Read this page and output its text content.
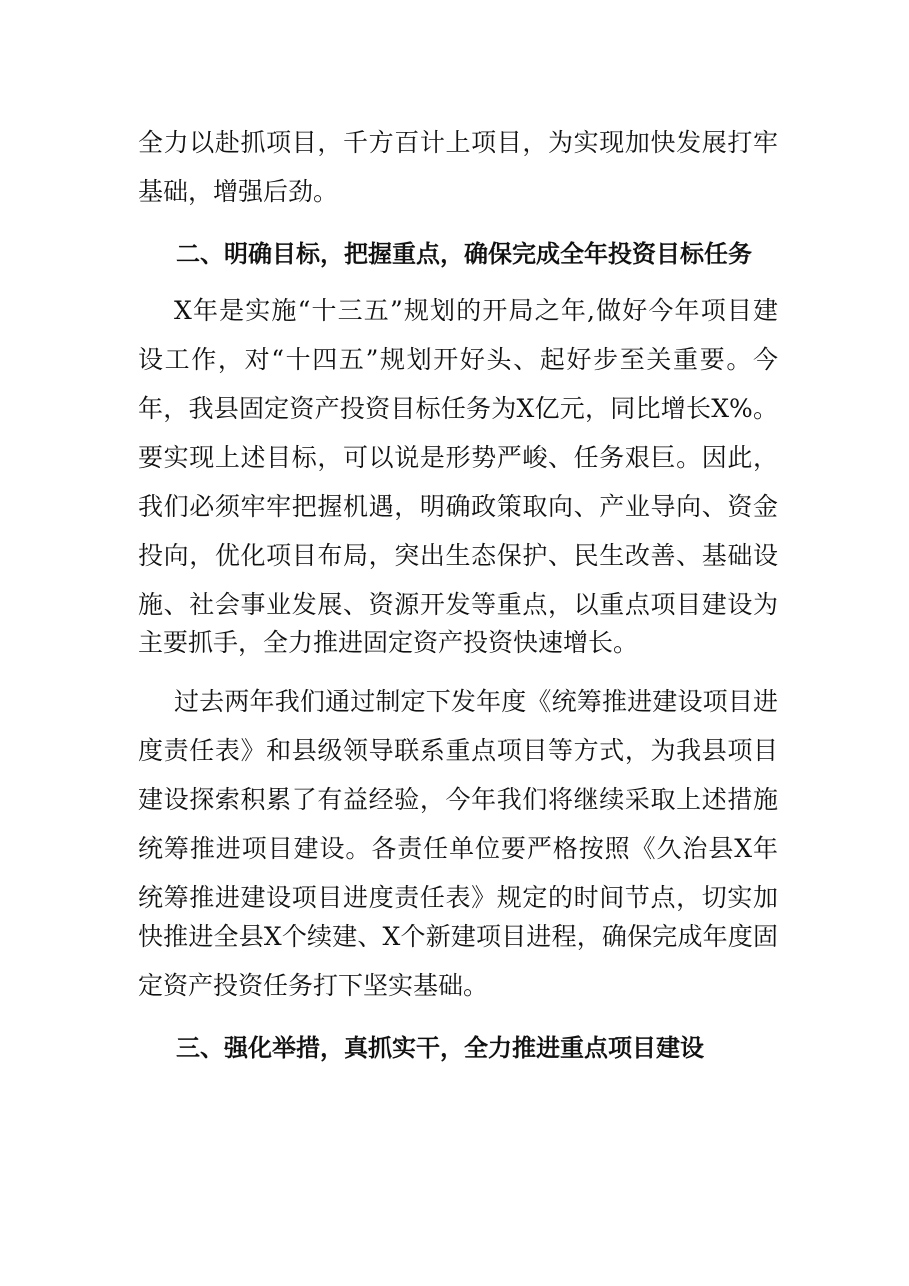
全力以赴抓项目，千方百计上项目，为实现加快发展打牢
基础，增强后劲。
二、明确目标，把握重点，确保完成全年投资目标任务
X年是实施“十三五”规划的开局之年,做好今年项目建
设工作，对“十四五”规划开好头、起好步至关重要。今
年，我县固定资产投资目标任务为X亿元，同比增长X%。
要实现上述目标，可以说是形势严峻、任务艰巨。因此，
我们必须牢牢把握机遇，明确政策取向、产业导向、资金
投向，优化项目布局，突出生态保护、民生改善、基础设
施、社会事业发展、资源开发等重点，以重点项目建设为
主要抓手，全力推进固定资产投资快速增长。
过去两年我们通过制定下发年度《统筹推进建设项目进
度责任表》和县级领导联系重点项目等方式，为我县项目
建设探索积累了有益经验，今年我们将继续采取上述措施
统筹推进项目建设。各责任单位要严格按照《久治县X年
统筹推进建设项目进度责任表》规定的时间节点，切实加
快推进全县X个续建、X个新建项目进程，确保完成年度固
定资产投资任务打下坚实基础。
三、强化举措，真抓实干，全力推进重点项目建设
